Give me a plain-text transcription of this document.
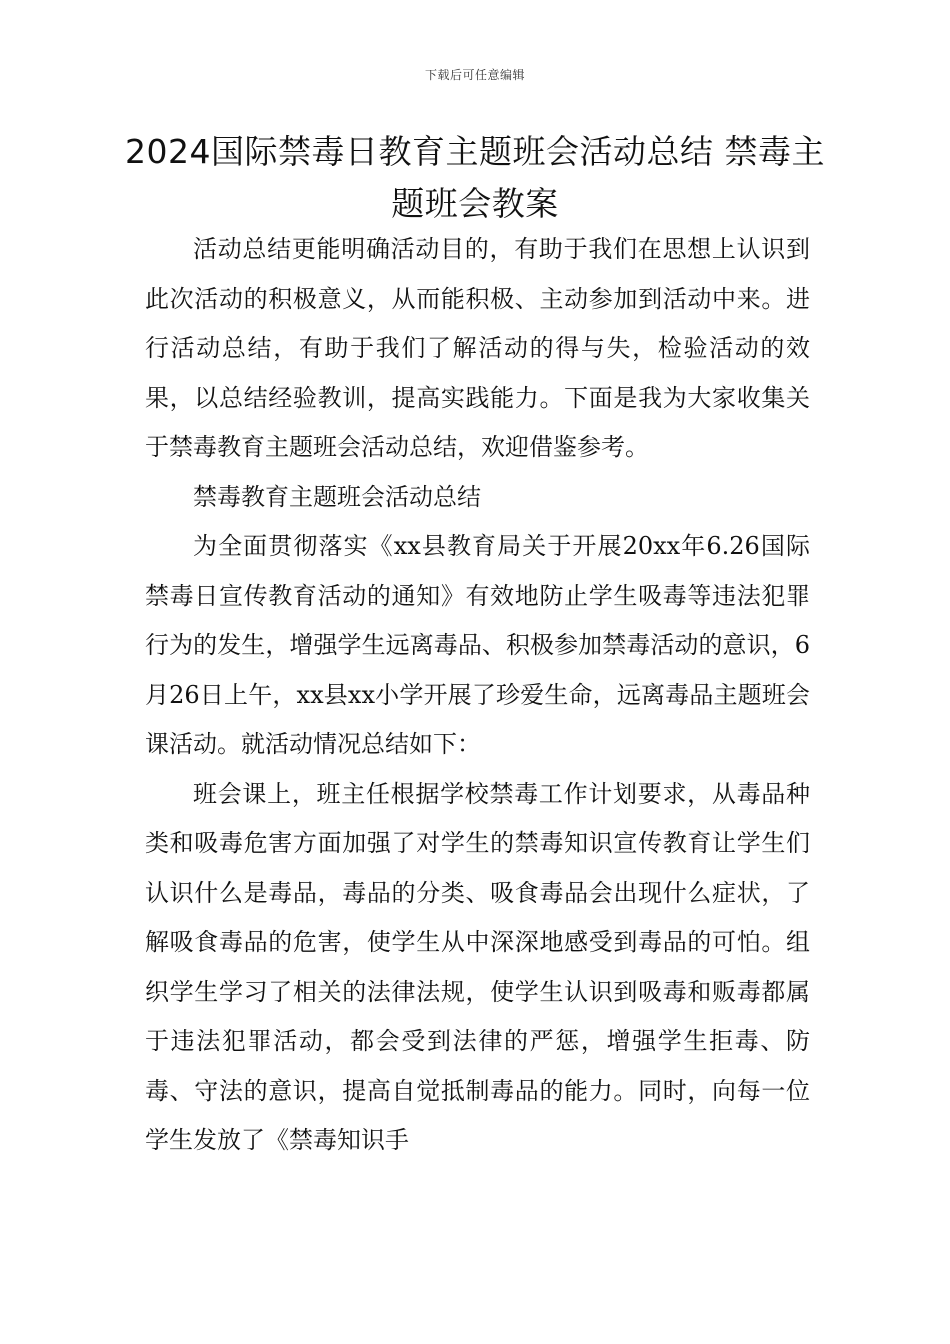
下载后可任意编辑
2024国际禁毒日教育主题班会活动总结 禁毒主题班会教案

活动总结更能明确活动目的，有助于我们在思想上认识到此次活动的积极意义，从而能积极、主动参加到活动中来。进行活动总结，有助于我们了解活动的得与失，检验活动的效果，以总结经验教训，提高实践能力。下面是我为大家收集关于禁毒教育主题班会活动总结，欢迎借鉴参考。

禁毒教育主题班会活动总结

为全面贯彻落实《xx县教育局关于开展20xx年6.26国际禁毒日宣传教育活动的通知》有效地防止学生吸毒等违法犯罪行为的发生，增强学生远离毒品、积极参加禁毒活动的意识，6月26日上午，xx县xx小学开展了珍爱生命，远离毒品主题班会课活动。就活动情况总结如下：

班会课上，班主任根据学校禁毒工作计划要求，从毒品种类和吸毒危害方面加强了对学生的禁毒知识宣传教育让学生们认识什么是毒品，毒品的分类、吸食毒品会出现什么症状，了解吸食毒品的危害，使学生从中深深地感受到毒品的可怕。组织学生学习了相关的法律法规，使学生认识到吸毒和贩毒都属于违法犯罪活动，都会受到法律的严惩，增强学生拒毒、防毒、守法的意识，提高自觉抵制毒品的能力。同时，向每一位学生发放了《禁毒知识手
